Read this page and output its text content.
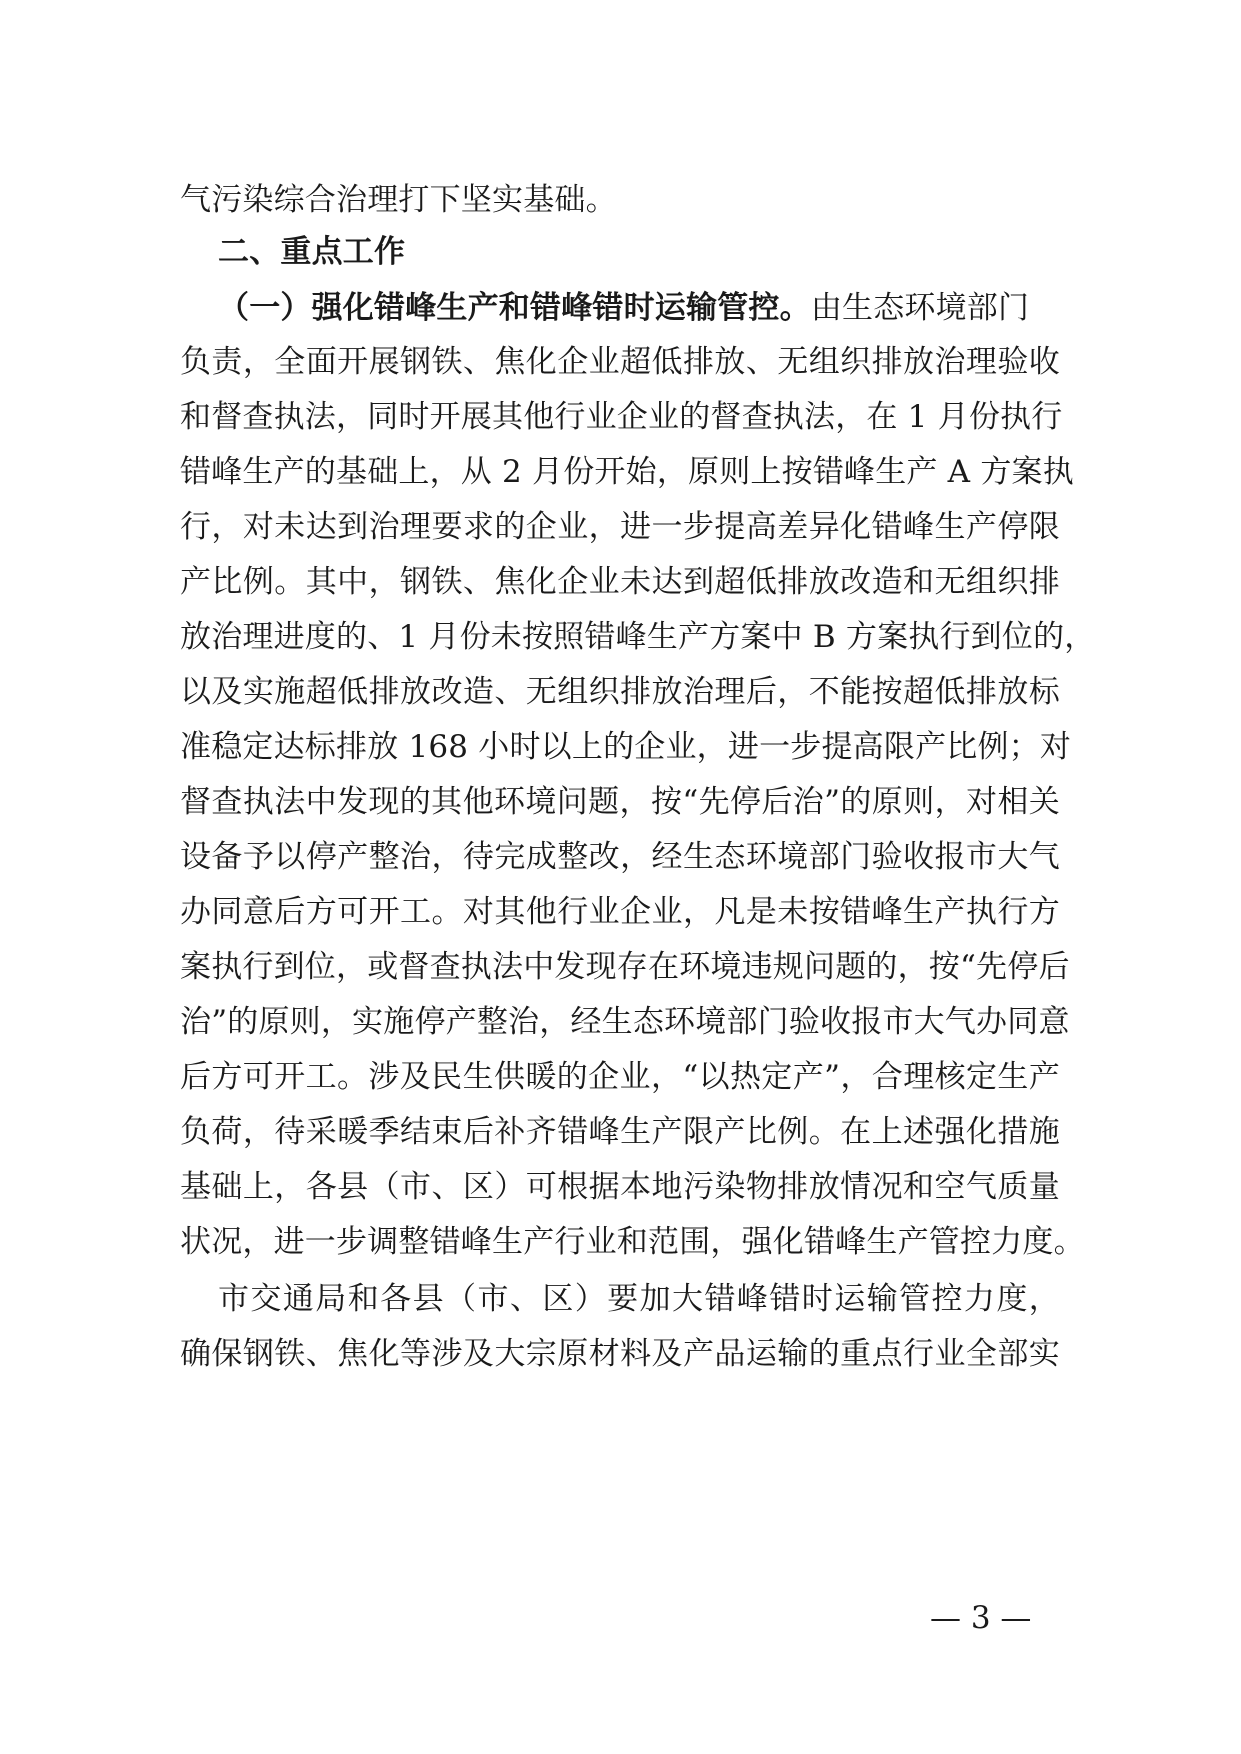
气污染综合治理打下坚实基础。
二、重点工作
（一）强化错峰生产和错峰错时运输管控。由生态环境部门
负责，全面开展钢铁、焦化企业超低排放、无组织排放治理验收
和督查执法，同时开展其他行业企业的督查执法，在 1 月份执行
错峰生产的基础上，从 2 月份开始，原则上按错峰生产 A 方案执
行，对未达到治理要求的企业，进一步提高差异化错峰生产停限
产比例。其中，钢铁、焦化企业未达到超低排放改造和无组织排
放治理进度的、1 月份未按照错峰生产方案中 B 方案执行到位的，
以及实施超低排放改造、无组织排放治理后，不能按超低排放标
准稳定达标排放 168 小时以上的企业，进一步提高限产比例；对
督查执法中发现的其他环境问题，按“先停后治”的原则，对相关
设备予以停产整治，待完成整改，经生态环境部门验收报市大气
办同意后方可开工。对其他行业企业，凡是未按错峰生产执行方
案执行到位，或督查执法中发现存在环境违规问题的，按“先停后
治”的原则，实施停产整治，经生态环境部门验收报市大气办同意
后方可开工。涉及民生供暖的企业，“以热定产”，合理核定生产
负荷，待采暖季结束后补齐错峰生产限产比例。在上述强化措施
基础上，各县（市、区）可根据本地污染物排放情况和空气质量
状况，进一步调整错峰生产行业和范围，强化错峰生产管控力度。
市交通局和各县（市、区）要加大错峰错时运输管控力度，
确保钢铁、焦化等涉及大宗原材料及产品运输的重点行业全部实
— 3 —
